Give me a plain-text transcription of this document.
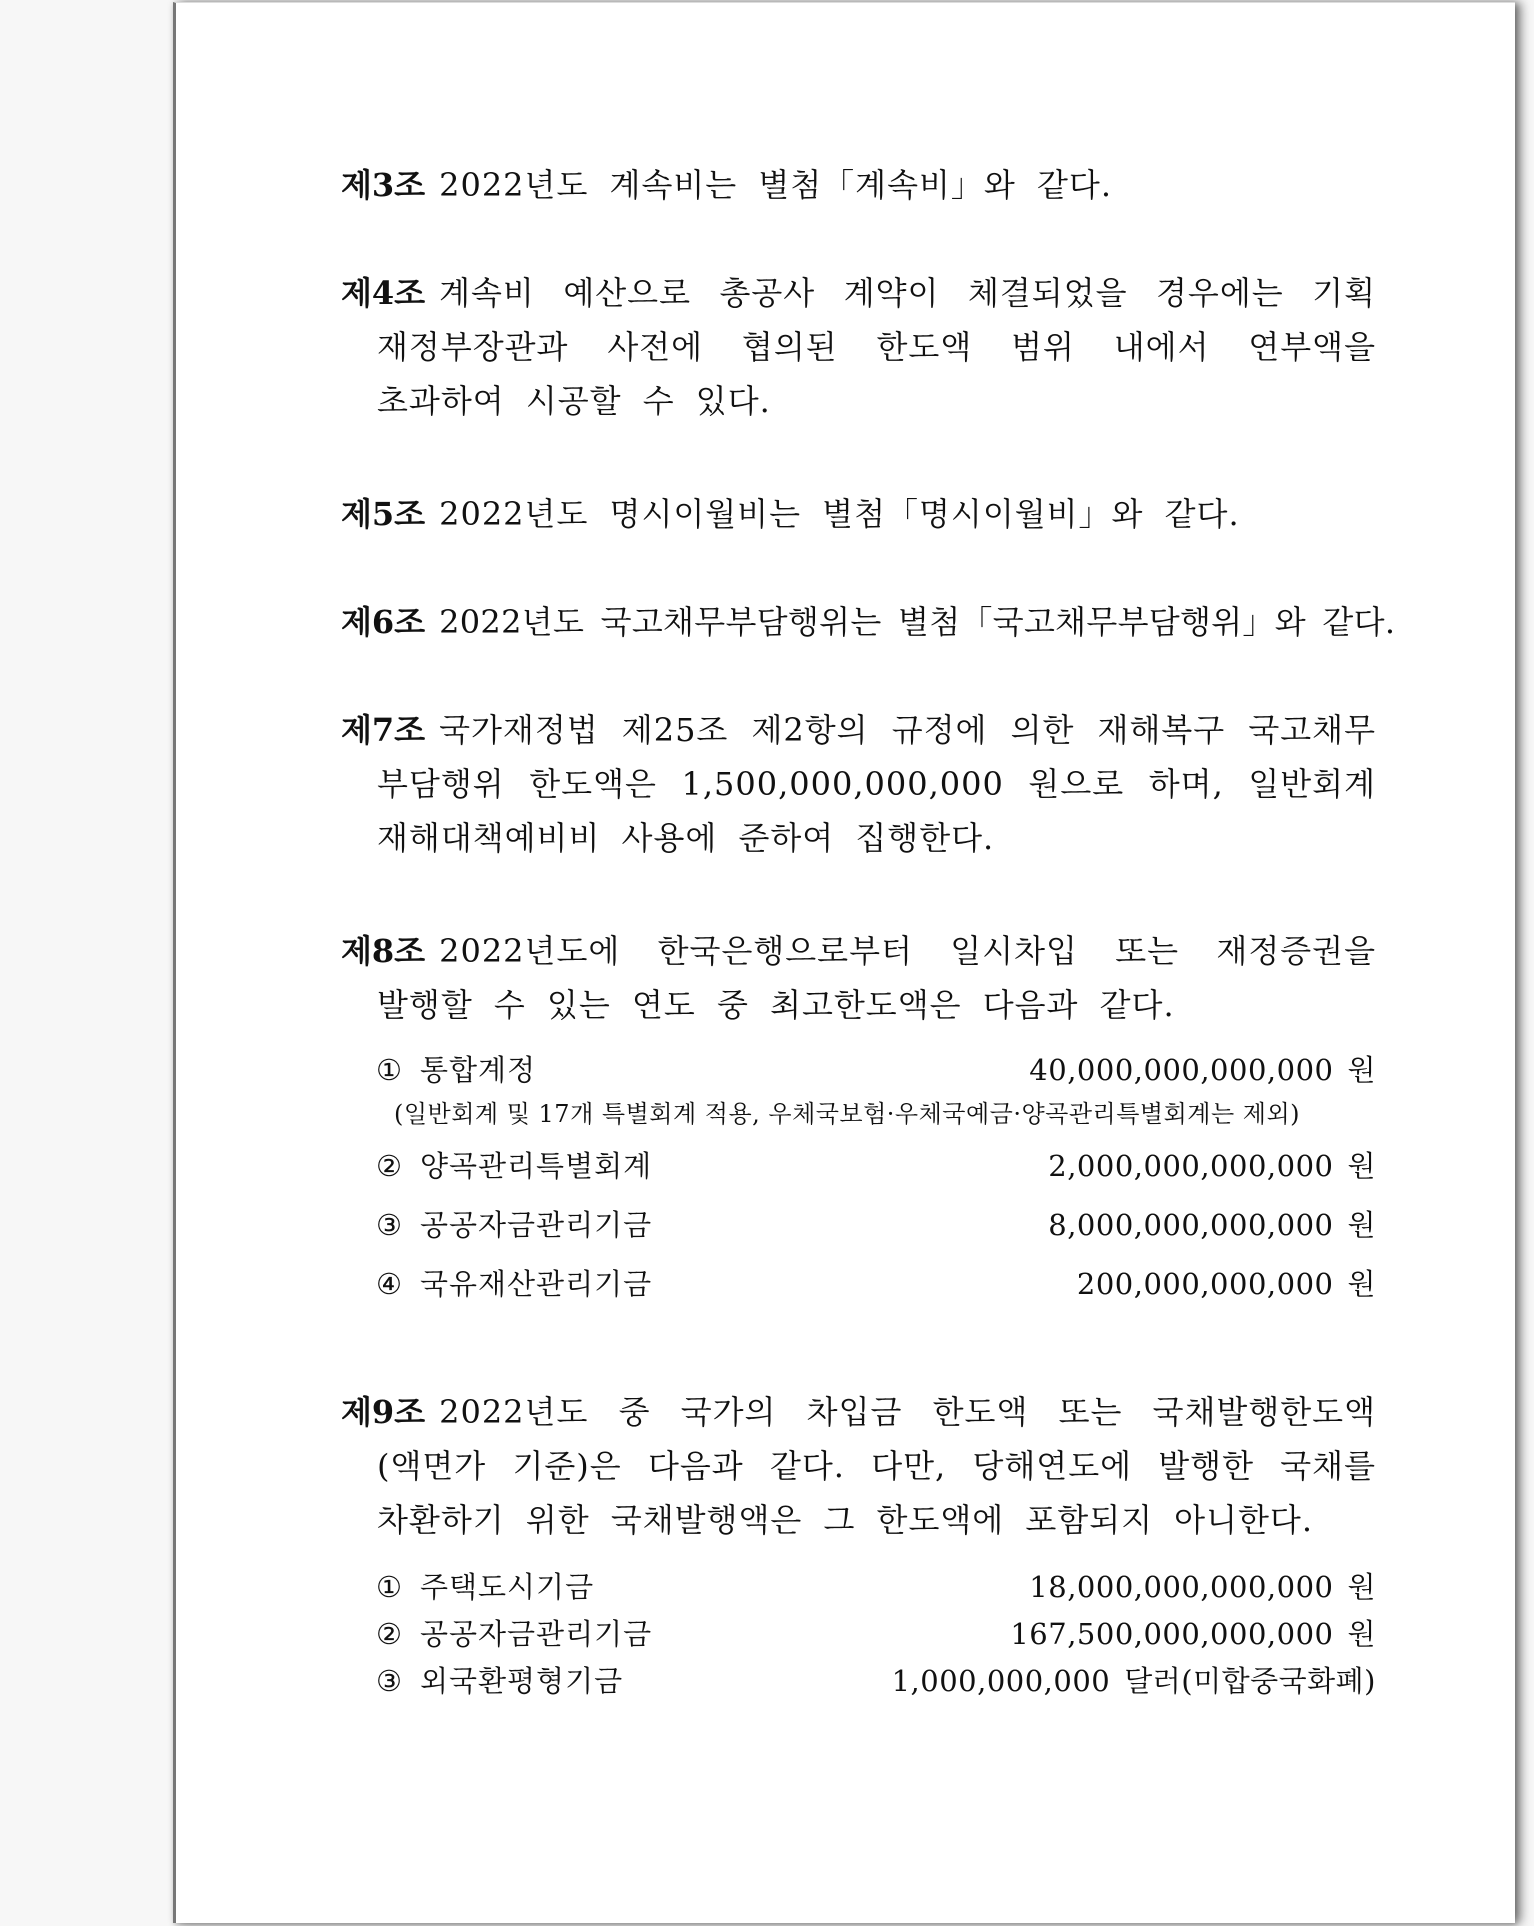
제3조 2022년도 계속비는 별첨「계속비」와 같다.
제4조 계속비 예산으로 총공사 계약이 체결되었을 경우에는 기획
재정부장관과 사전에 협의된 한도액 범위 내에서 연부액을
초과하여 시공할 수 있다.
제5조 2022년도 명시이월비는 별첨「명시이월비」와 같다.
제6조 2022년도 국고채무부담행위는 별첨「국고채무부담행위」와 같다.
제7조 국가재정법 제25조 제2항의 규정에 의한 재해복구 국고채무
부담행위 한도액은 1,500,000,000,000 원으로 하며, 일반회계
재해대책예비비 사용에 준하여 집행한다.
제8조 2022년도에 한국은행으로부터 일시차입 또는 재정증권을
발행할 수 있는 연도 중 최고한도액은 다음과 같다.
① 통합계정	40,000,000,000,000 원
(일반회계 및 17개 특별회계 적용, 우체국보험·우체국예금·양곡관리특별회계는 제외)
② 양곡관리특별회계	2,000,000,000,000 원
③ 공공자금관리기금	8,000,000,000,000 원
④ 국유재산관리기금	200,000,000,000 원
제9조 2022년도 중 국가의 차입금 한도액 또는 국채발행한도액
(액면가 기준)은 다음과 같다. 다만, 당해연도에 발행한 국채를
차환하기 위한 국채발행액은 그 한도액에 포함되지 아니한다.
① 주택도시기금	18,000,000,000,000 원
② 공공자금관리기금	167,500,000,000,000 원
③ 외국환평형기금	1,000,000,000 달러(미합중국화폐)
